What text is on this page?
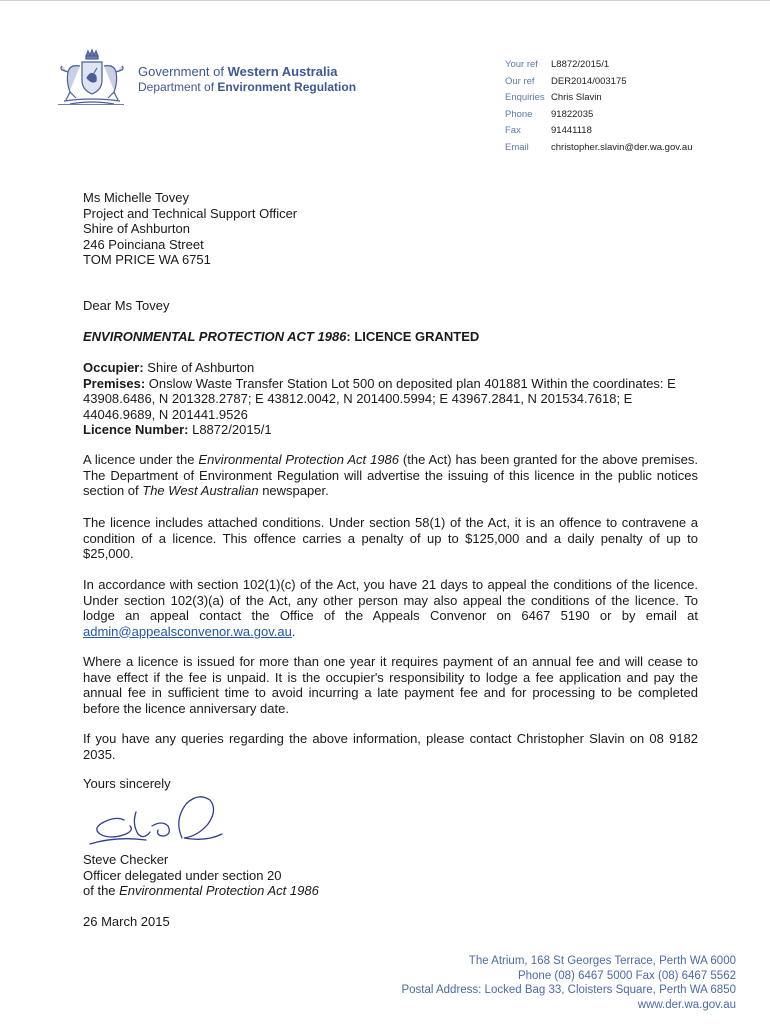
Government of Western Australia
Department of Environment Regulation
Your ref L8872/2015/1
Our ref DER2014/003175
Enquiries Chris Slavin
Phone 91822035
Fax	91441118
Email christopher.slavin@der.wa.gov.au
Ms Michelle Tovey
Project and Technical Support Officer
Shire of Ashburton
246 Poinciana Street
TOM PRICE WA 6751
Dear Ms Tovey
ENVIRONMENTAL PROTECTION ACT 1986: LICENCE GRANTED
Occupier: Shire of Ashburton
Premises: Onslow Waste Transfer Station Lot 500 on deposited plan 401881 Within the coordinates: E 43908.6486, N 201328.2787; E 43812.0042, N 201400.5994; E 43967.2841, N 201534.7618; E 44046.9689, N 201441.9526
Licence Number: L8872/2015/1
A licence under the Environmental Protection Act 1986 (the Act) has been granted for the above premises. The Department of Environment Regulation will advertise the issuing of this licence in the public notices section of The West Australian newspaper.
The licence includes attached conditions. Under section 58(1) of the Act, it is an offence to contravene a condition of a licence. This offence carries a penalty of up to $125,000 and a daily penalty of up to $25,000.
In accordance with section 102(1)(c) of the Act, you have 21 days to appeal the conditions of the licence. Under section 102(3)(a) of the Act, any other person may also appeal the conditions of the licence. To lodge an appeal contact the Office of the Appeals Convenor on 6467 5190 or by email at admin@appealsconvenor.wa.gov.au.
Where a licence is issued for more than one year it requires payment of an annual fee and will cease to have effect if the fee is unpaid. It is the occupier's responsibility to lodge a fee application and pay the annual fee in sufficient time to avoid incurring a late payment fee and for processing to be completed before the licence anniversary date.
If you have any queries regarding the above information, please contact Christopher Slavin on 08 9182 2035.
Yours sincerely
Steve Checker
Officer delegated under section 20
of the Environmental Protection Act 1986
26 March 2015
The Atrium, 168 St Georges Terrace, Perth WA 6000
Phone (08) 6467 5000 Fax (08) 6467 5562
Postal Address: Locked Bag 33, Cloisters Square, Perth WA 6850
www.der.wa.gov.au
